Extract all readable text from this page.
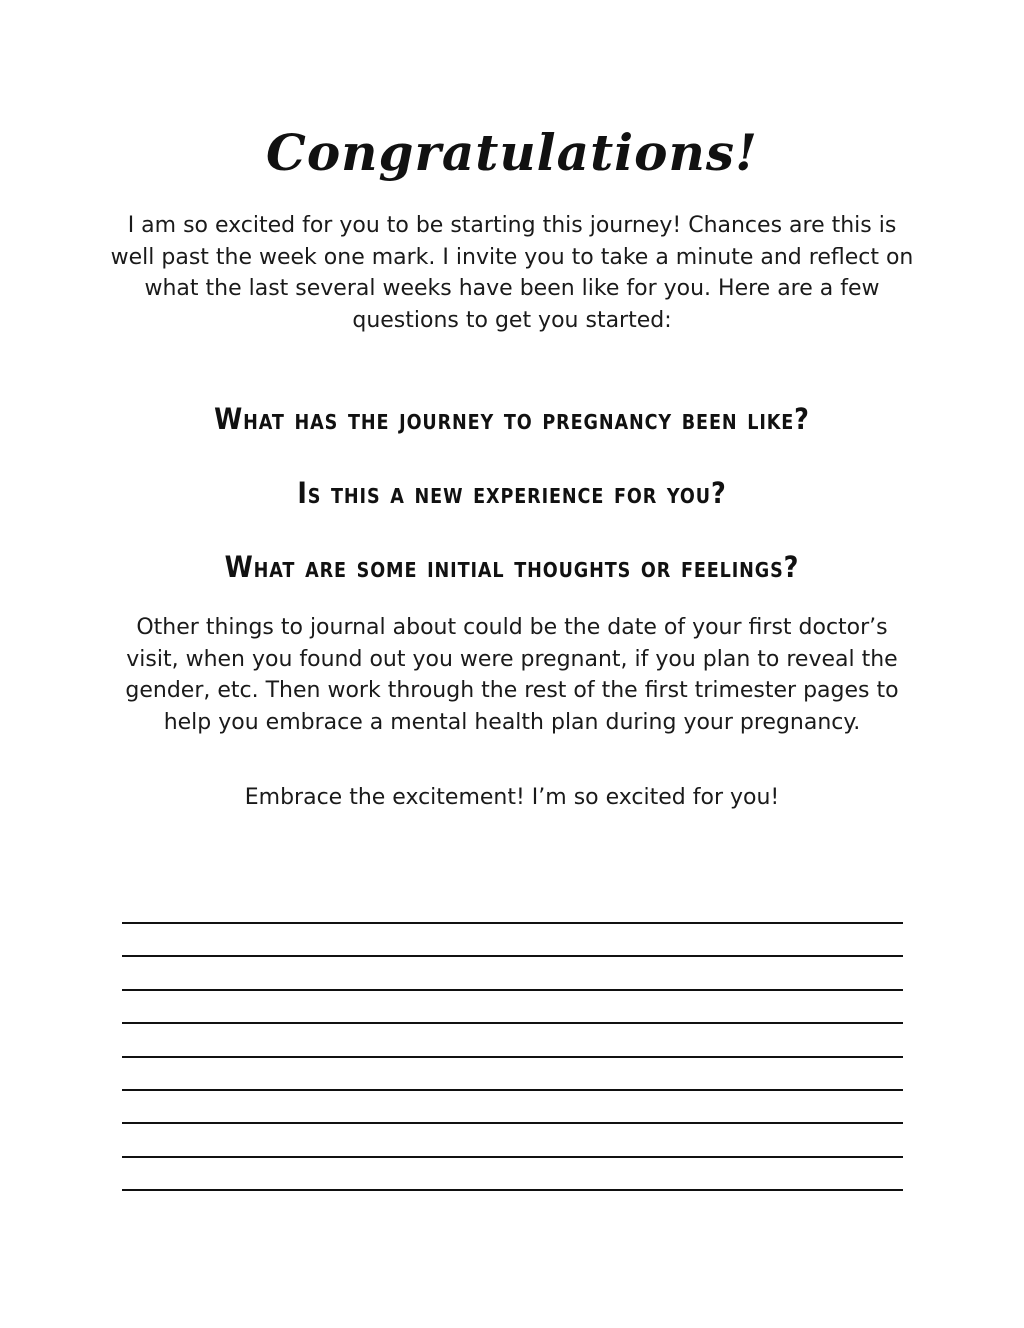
Congratulations!

I am so excited for you to be starting this journey! Chances are this is well past the week one mark. I invite you to take a minute and reflect on what the last several weeks have been like for you. Here are a few questions to get you started:

What has the journey to pregnancy been like?

Is this a new experience for you?

What are some initial thoughts or feelings?

Other things to journal about could be the date of your first doctor’s visit, when you found out you were pregnant, if you plan to reveal the gender, etc. Then work through the rest of the first trimester pages to help you embrace a mental health plan during your pregnancy.

Embrace the excitement! I’m so excited for you!
